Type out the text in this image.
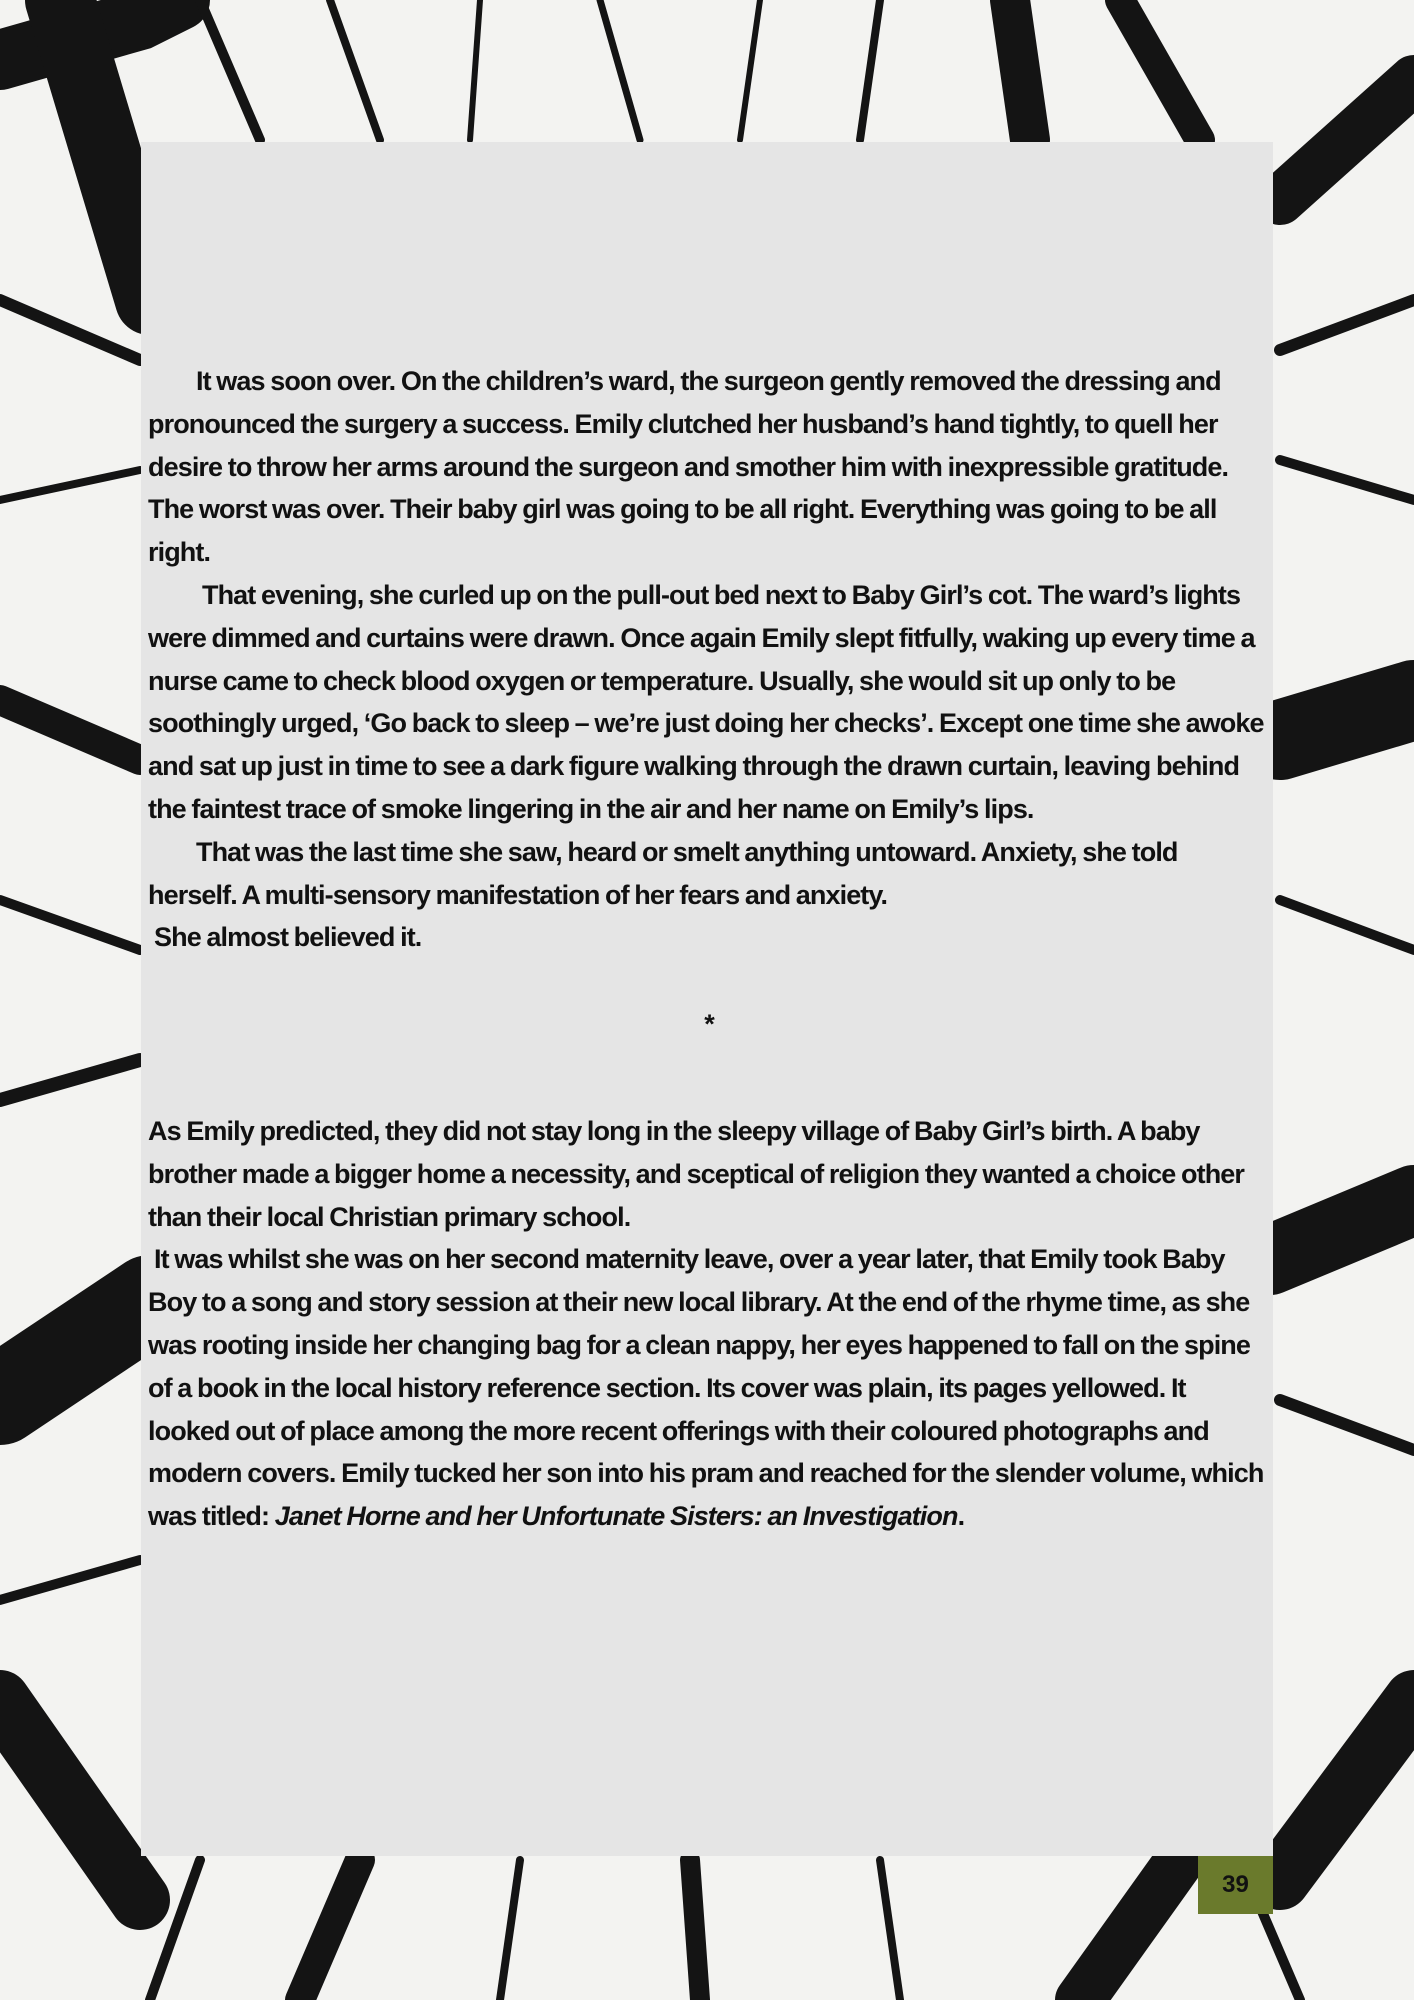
It was soon over. On the children’s ward, the surgeon gently removed the dressing and pronounced the surgery a success. Emily clutched her husband’s hand tightly, to quell her desire to throw her arms around the surgeon and smother him with inexpressible gratitude. The worst was over. Their baby girl was going to be all right. Everything was going to be all right.

That evening, she curled up on the pull-out bed next to Baby Girl’s cot. The ward’s lights were dimmed and curtains were drawn. Once again Emily slept fitfully, waking up every time a nurse came to check blood oxygen or temperature. Usually, she would sit up only to be soothingly urged, ‘Go back to sleep – we’re just doing her checks’. Except one time she awoke and sat up just in time to see a dark figure walking through the drawn curtain, leaving behind the faintest trace of smoke lingering in the air and her name on Emily’s lips.

That was the last time she saw, heard or smelt anything untoward. Anxiety, she told herself. A multi-sensory manifestation of her fears and anxiety.

She almost believed it.

*

As Emily predicted, they did not stay long in the sleepy village of Baby Girl’s birth. A baby brother made a bigger home a necessity, and sceptical of religion they wanted a choice other than their local Christian primary school.

It was whilst she was on her second maternity leave, over a year later, that Emily took Baby Boy to a song and story session at their new local library. At the end of the rhyme time, as she was rooting inside her changing bag for a clean nappy, her eyes happened to fall on the spine of a book in the local history reference section. Its cover was plain, its pages yellowed. It looked out of place among the more recent offerings with their coloured photographs and modern covers. Emily tucked her son into his pram and reached for the slender volume, which was titled: Janet Horne and her Unfortunate Sisters: an Investigation.

39
